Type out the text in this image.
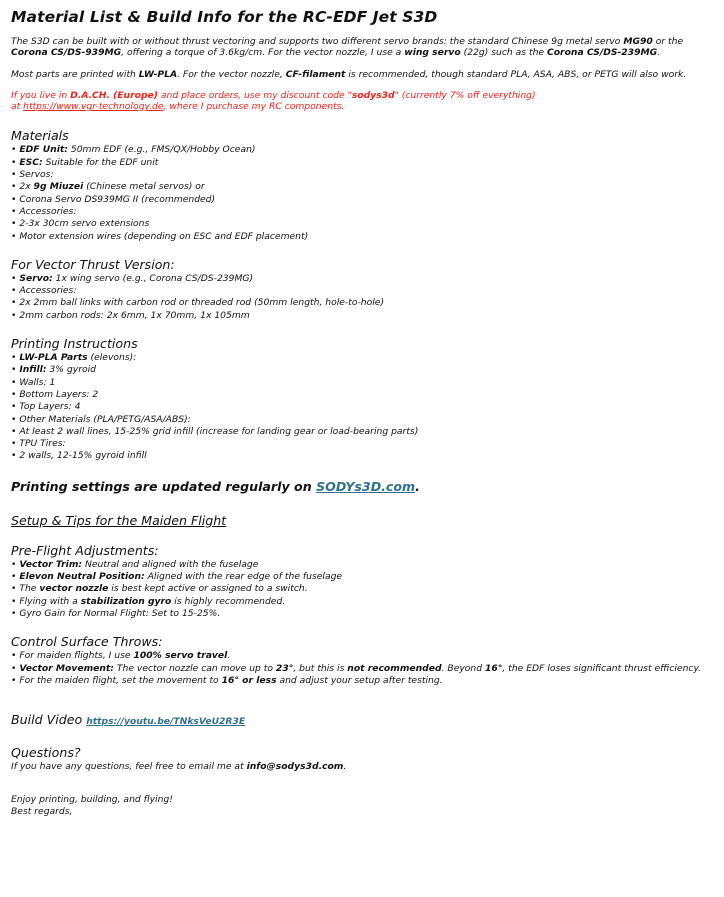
Material List & Build Info for the RC-EDF Jet S3D

The S3D can be built with or without thrust vectoring and supports two different servo brands: the standard Chinese 9g metal servo MG90 or the Corona CS/DS-939MG, offering a torque of 3.6kg/cm. For the vector nozzle, I use a wing servo (22g) such as the Corona CS/DS-239MG.

Most parts are printed with LW-PLA. For the vector nozzle, CF-filament is recommended, though standard PLA, ASA, ABS, or PETG will also work.

If you live in D.A.CH. (Europe) and place orders, use my discount code "sodys3d" (currently 7% off everything)
at https://www.vgr-technology.de, where I purchase my RC components.

Materials
• EDF Unit: 50mm EDF (e.g., FMS/QX/Hobby Ocean)
• ESC: Suitable for the EDF unit
• Servos:
• 2x 9g Miuzei (Chinese metal servos) or
• Corona Servo DS939MG II (recommended)
• Accessories:
• 2-3x 30cm servo extensions
• Motor extension wires (depending on ESC and EDF placement)
For Vector Thrust Version:
• Servo: 1x wing servo (e.g., Corona CS/DS-239MG)
• Accessories:
• 2x 2mm ball links with carbon rod or threaded rod (50mm length, hole-to-hole)
• 2mm carbon rods: 2x 6mm, 1x 70mm, 1x 105mm
Printing Instructions
• LW-PLA Parts (elevons):
• Infill: 3% gyroid
• Walls: 1
• Bottom Layers: 2
• Top Layers: 4
• Other Materials (PLA/PETG/ASA/ABS):
• At least 2 wall lines, 15-25% grid infill (increase for landing gear or load-bearing parts)
• TPU Tires:
• 2 walls, 12-15% gyroid infill
Printing settings are updated regularly on SODYs3D.com.
Setup & Tips for the Maiden Flight
Pre-Flight Adjustments:
• Vector Trim: Neutral and aligned with the fuselage
• Elevon Neutral Position: Aligned with the rear edge of the fuselage
• The vector nozzle is best kept active or assigned to a switch.
• Flying with a stabilization gyro is highly recommended.
• Gyro Gain for Normal Flight: Set to 15-25%.
Control Surface Throws:
• For maiden flights, I use 100% servo travel.
• Vector Movement: The vector nozzle can move up to 23°, but this is not recommended. Beyond 16°, the EDF loses significant thrust efficiency.
• For the maiden flight, set the movement to 16° or less and adjust your setup after testing.
Build Video https://youtu.be/TNksVeU2R3E
Questions?

If you have any questions, feel free to email me at info@sodys3d.com.

Enjoy printing, building, and flying!

Best regards,
